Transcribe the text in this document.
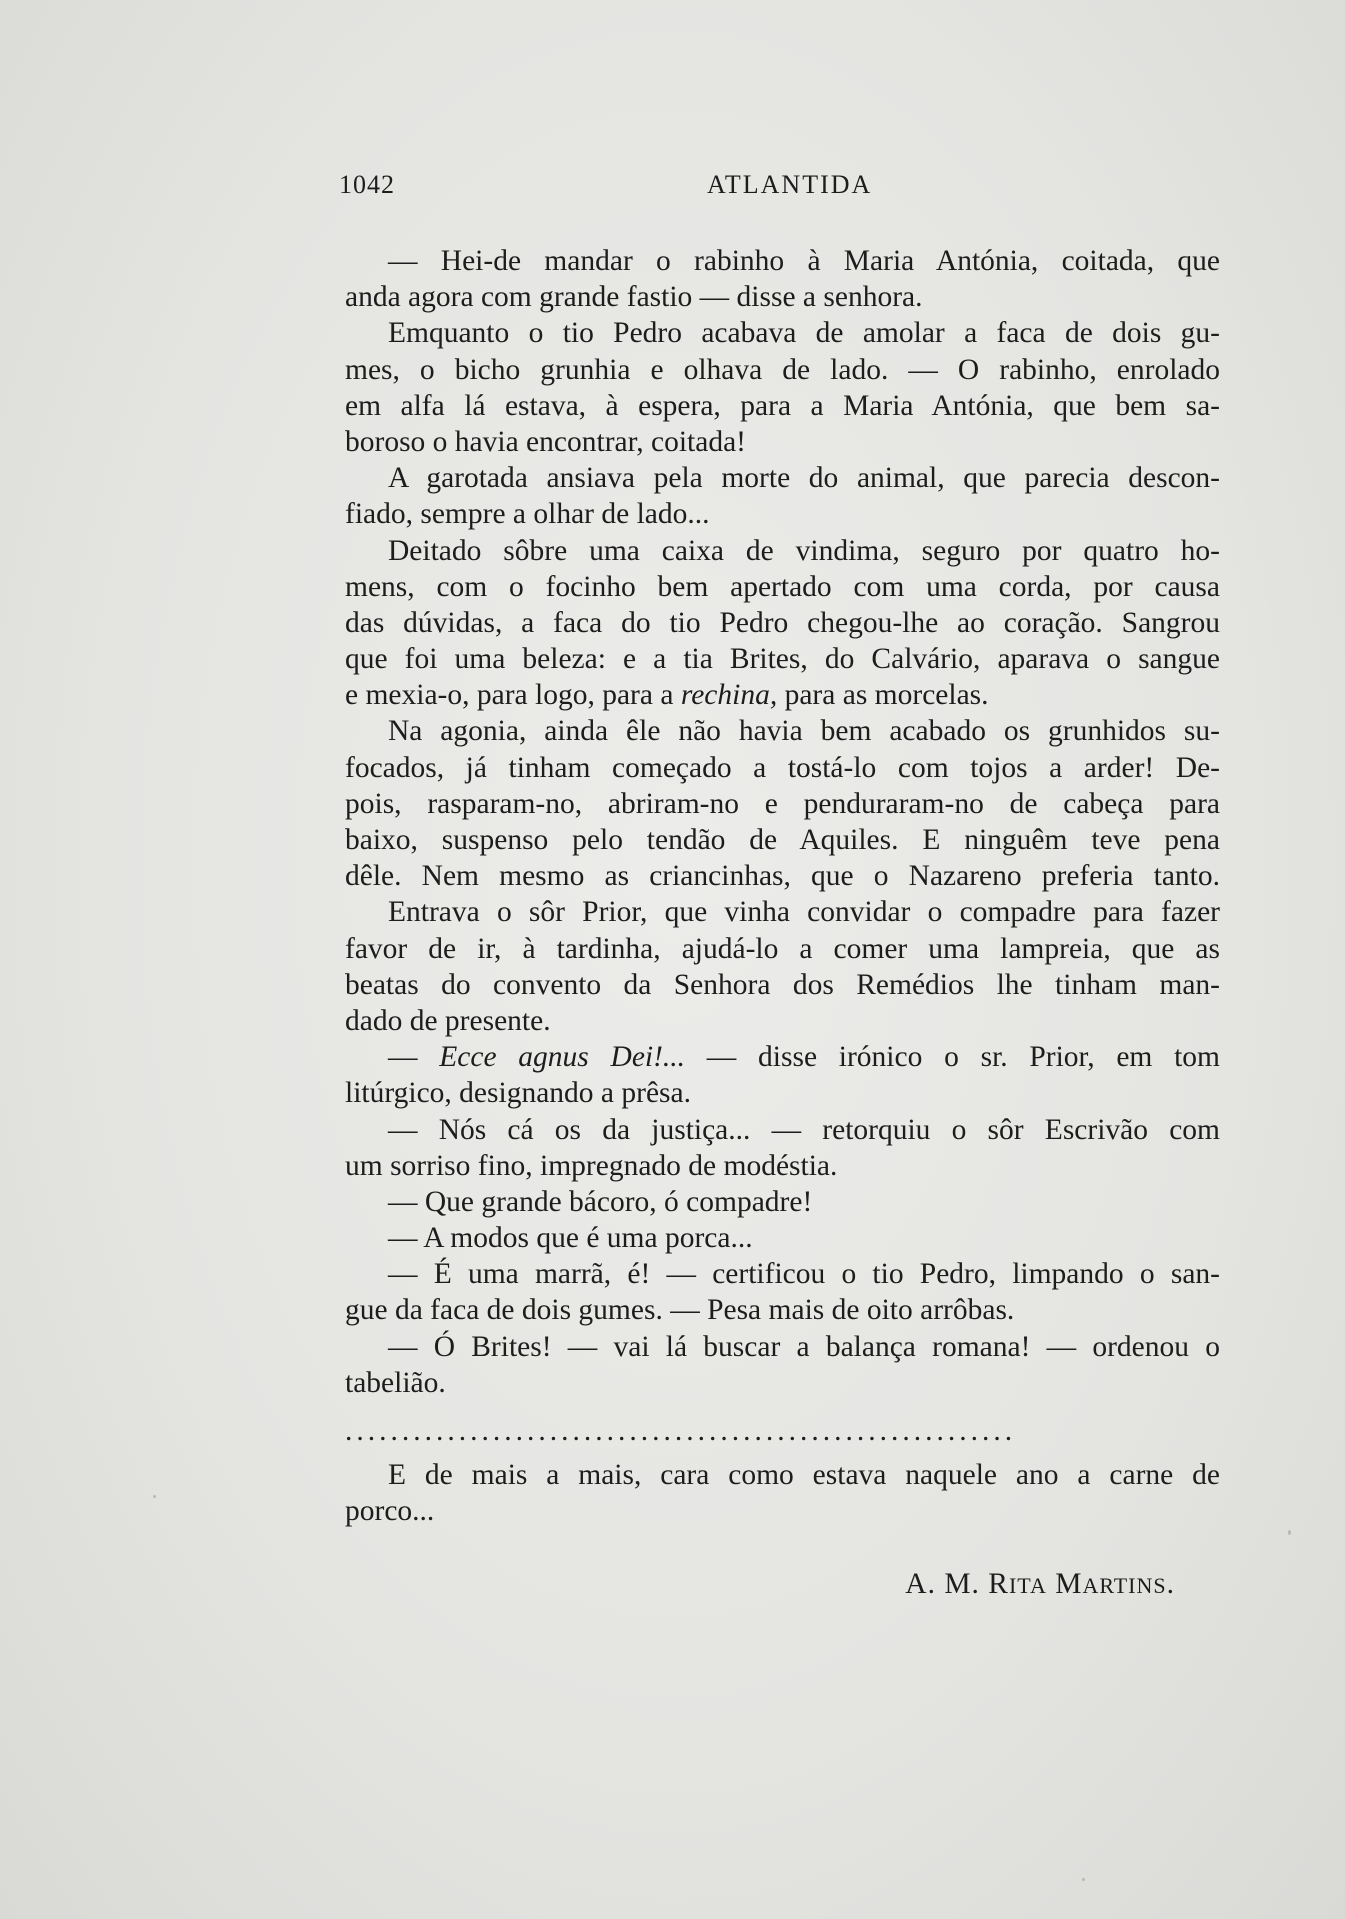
1042	ATLANTIDA
— Hei-de mandar o rabinho à Maria Antónia, coitada, que
anda agora com grande fastio — disse a senhora.
Emquanto o tio Pedro acabava de amolar a faca de dois gu-
mes, o bicho grunhia e olhava de lado. — O rabinho, enrolado
em alfa lá estava, à espera, para a Maria Antónia, que bem sa-
boroso o havia encontrar, coitada!
A garotada ansiava pela morte do animal, que parecia descon-
fiado, sempre a olhar de lado...
Deitado sôbre uma caixa de vindima, seguro por quatro ho-
mens, com o focinho bem apertado com uma corda, por causa
das dúvidas, a faca do tio Pedro chegou-lhe ao coração. Sangrou
que foi uma beleza: e a tia Brites, do Calvário, aparava o sangue
e mexia-o, para logo, para a rechina, para as morcelas.
Na agonia, ainda êle não havia bem acabado os grunhidos su-
focados, já tinham começado a tostá-lo com tojos a arder! De-
pois, rasparam-no, abriram-no e penduraram-no de cabeça para
baixo, suspenso pelo tendão de Aquiles. E ninguêm teve pena
dêle. Nem mesmo as criancinhas, que o Nazareno preferia tanto.
Entrava o sôr Prior, que vinha convidar o compadre para fazer
favor de ir, à tardinha, ajudá-lo a comer uma lampreia, que as
beatas do convento da Senhora dos Remédios lhe tinham man-
dado de presente.
— Ecce agnus Dei!... — disse irónico o sr. Prior, em tom
litúrgico, designando a prêsa.
— Nós cá os da justiça... — retorquiu o sôr Escrivão com
um sorriso fino, impregnado de modéstia.
— Que grande bácoro, ó compadre!
— A modos que é uma porca...
— É uma marrã, é! — certificou o tio Pedro, limpando o san-
gue da faca de dois gumes. — Pesa mais de oito arrôbas.
— Ó Brites! — vai lá buscar a balança romana! — ordenou o
tabelião.
...........................................................
E de mais a mais, cara como estava naquele ano a carne de
porco...
A. M. RITA MARTINS.
